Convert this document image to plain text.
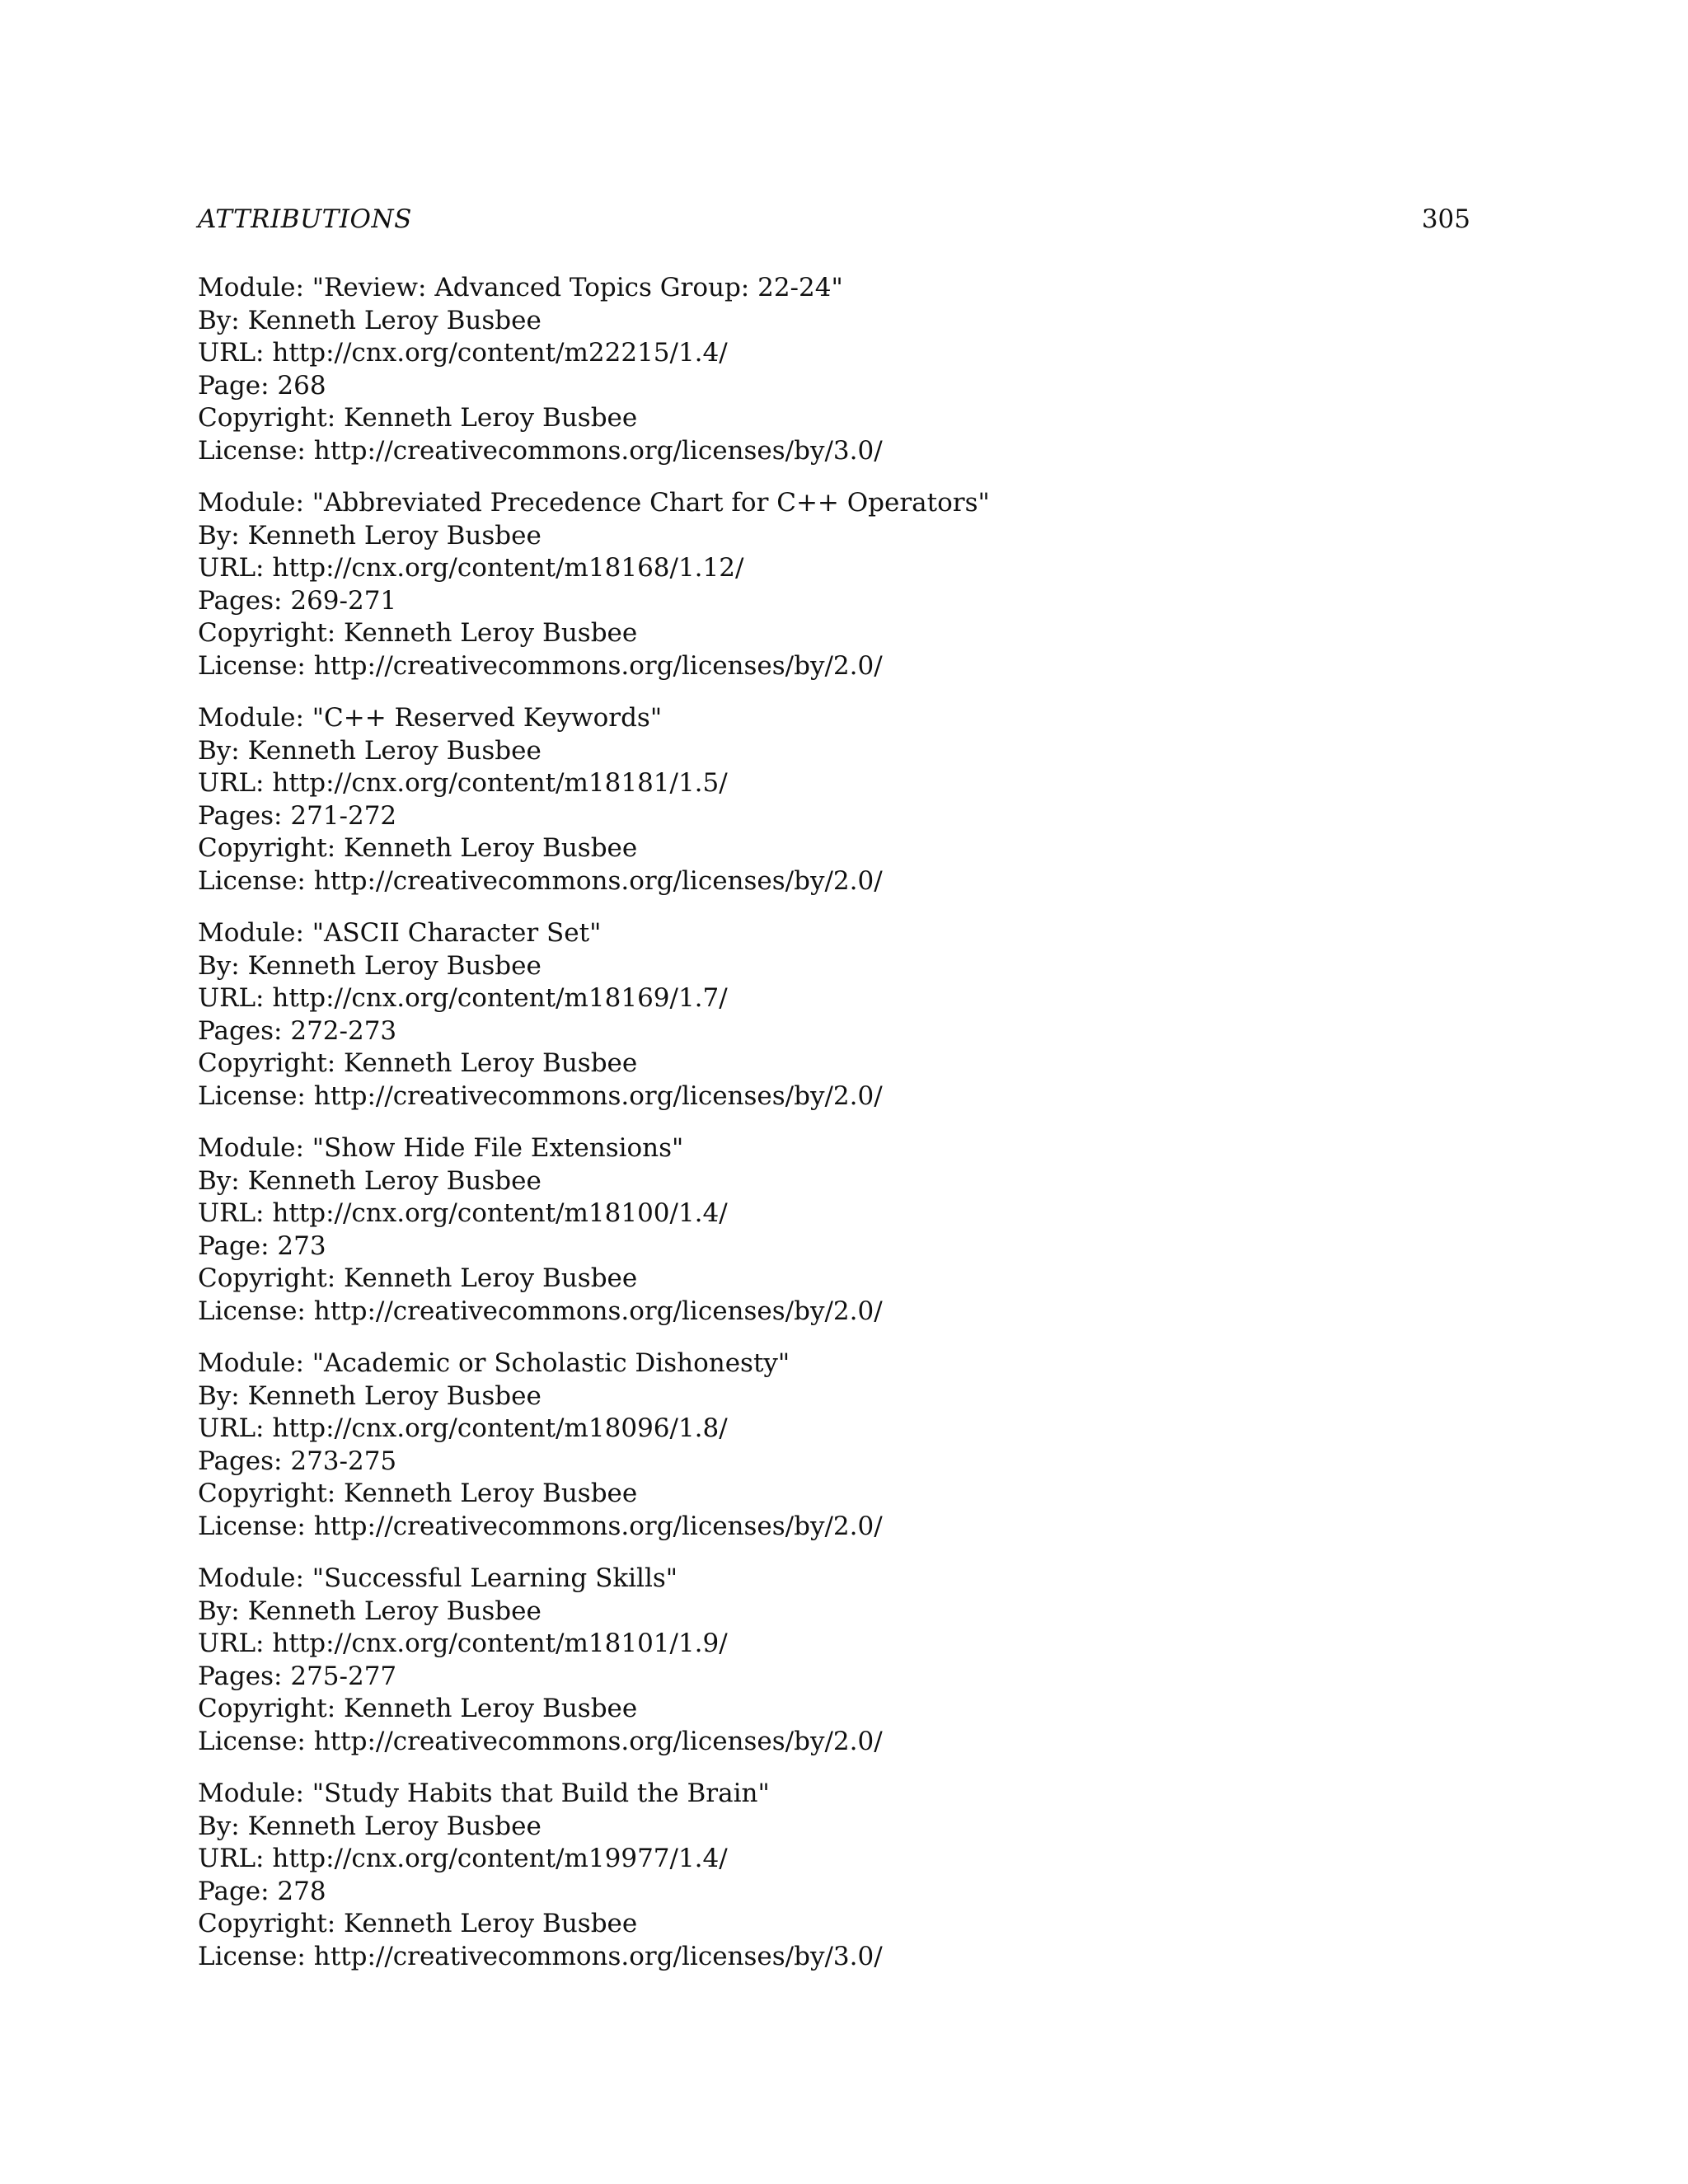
ATTRIBUTIONS	305
Module: "Review: Advanced Topics Group: 22-24"
By: Kenneth Leroy Busbee
URL: http://cnx.org/content/m22215/1.4/
Page: 268
Copyright: Kenneth Leroy Busbee
License: http://creativecommons.org/licenses/by/3.0/
Module: "Abbreviated Precedence Chart for C++ Operators"
By: Kenneth Leroy Busbee
URL: http://cnx.org/content/m18168/1.12/
Pages: 269-271
Copyright: Kenneth Leroy Busbee
License: http://creativecommons.org/licenses/by/2.0/
Module: "C++ Reserved Keywords"
By: Kenneth Leroy Busbee
URL: http://cnx.org/content/m18181/1.5/
Pages: 271-272
Copyright: Kenneth Leroy Busbee
License: http://creativecommons.org/licenses/by/2.0/
Module: "ASCII Character Set"
By: Kenneth Leroy Busbee
URL: http://cnx.org/content/m18169/1.7/
Pages: 272-273
Copyright: Kenneth Leroy Busbee
License: http://creativecommons.org/licenses/by/2.0/
Module: "Show Hide File Extensions"
By: Kenneth Leroy Busbee
URL: http://cnx.org/content/m18100/1.4/
Page: 273
Copyright: Kenneth Leroy Busbee
License: http://creativecommons.org/licenses/by/2.0/
Module: "Academic or Scholastic Dishonesty"
By: Kenneth Leroy Busbee
URL: http://cnx.org/content/m18096/1.8/
Pages: 273-275
Copyright: Kenneth Leroy Busbee
License: http://creativecommons.org/licenses/by/2.0/
Module: "Successful Learning Skills"
By: Kenneth Leroy Busbee
URL: http://cnx.org/content/m18101/1.9/
Pages: 275-277
Copyright: Kenneth Leroy Busbee
License: http://creativecommons.org/licenses/by/2.0/
Module: "Study Habits that Build the Brain"
By: Kenneth Leroy Busbee
URL: http://cnx.org/content/m19977/1.4/
Page: 278
Copyright: Kenneth Leroy Busbee
License: http://creativecommons.org/licenses/by/3.0/
